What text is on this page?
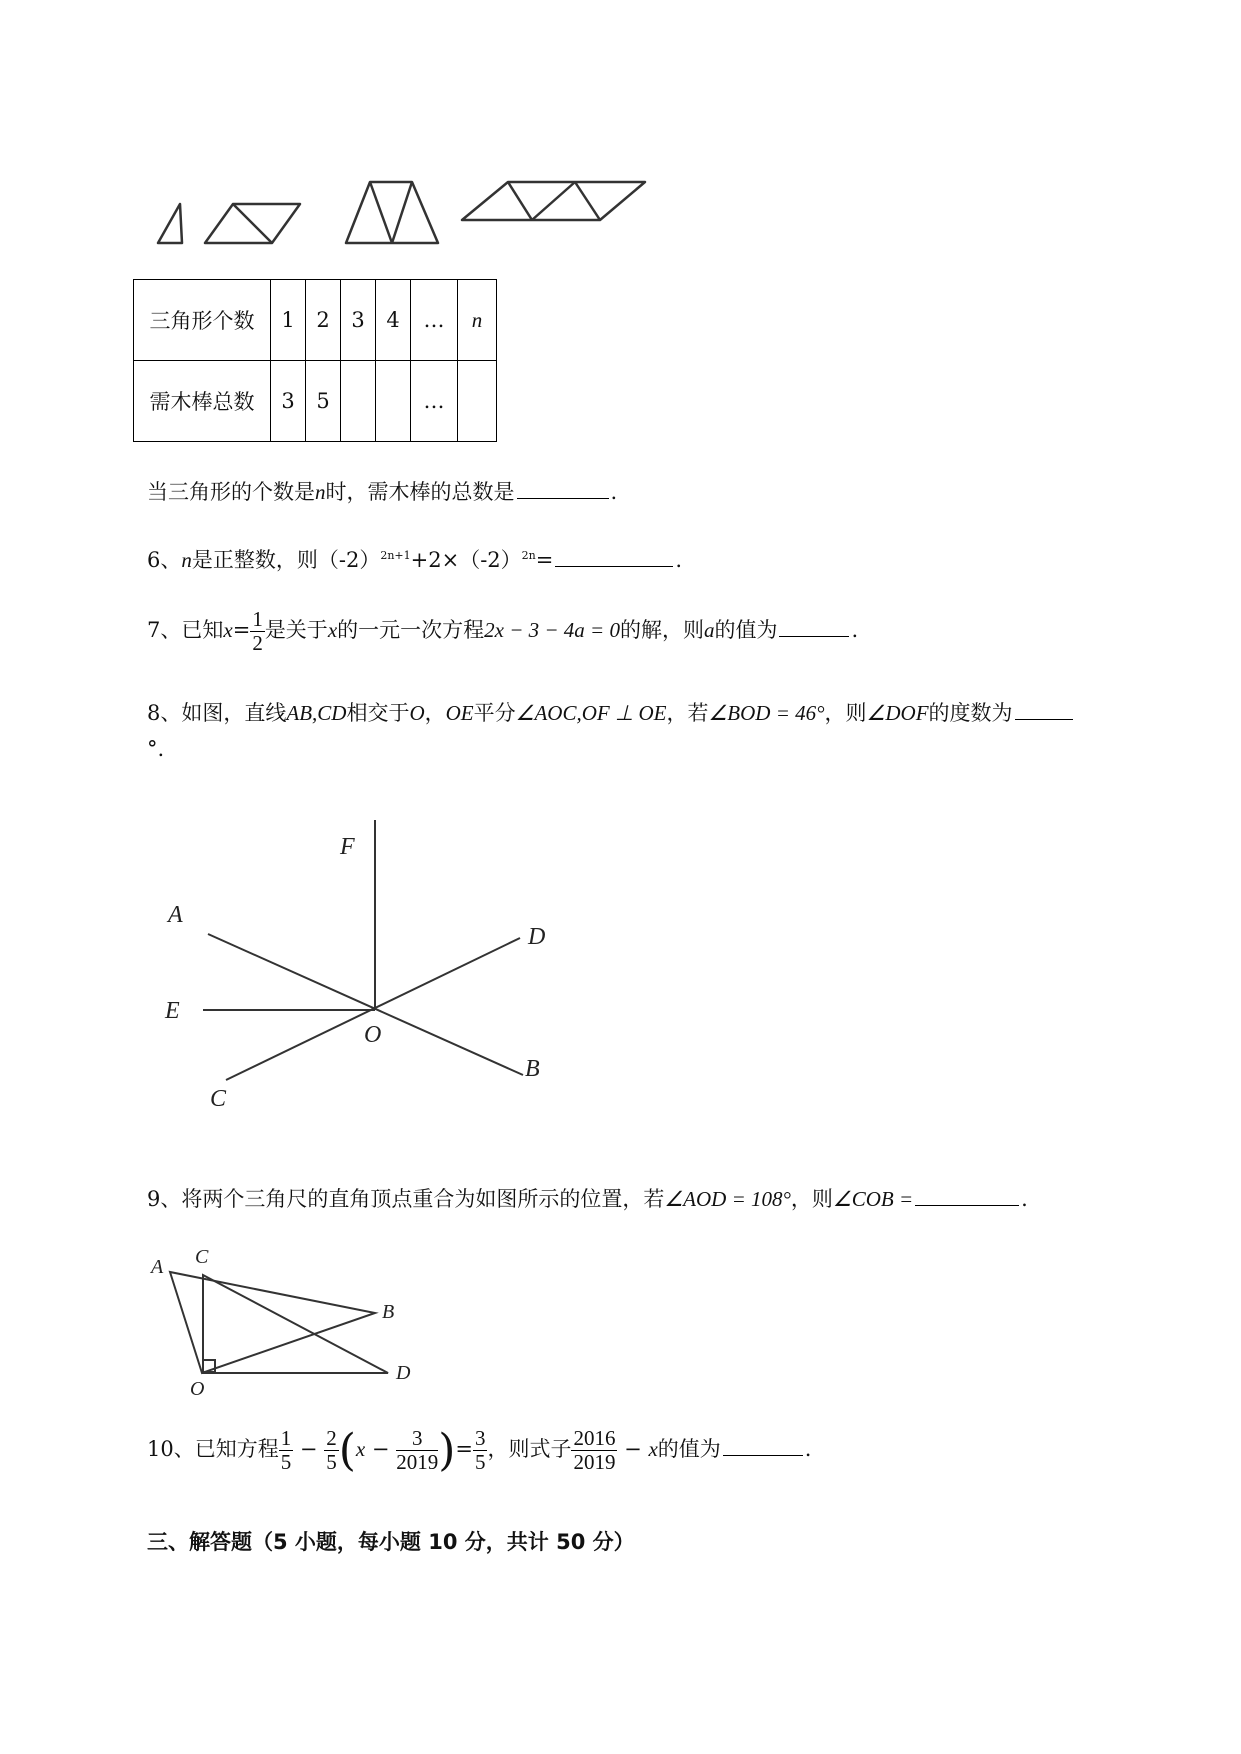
三角形个数	1	2	3	4	…	n
需木棒总数	3	5			…	
当三角形的个数是n时，需木棒的总数是	.
6、n是正整数，则$(-2)^{2n+1}+2\times(-2)^{2n}=$	.
7、已知$x= \frac{1}{2}$ 是关于x的一元一次方程2x − 3 − 4a = 0的解，则a的值为	.
8、如图，直线AB,CD相交于O，OE平分∠AOC,OF ⊥ OE，若∠BOD = 46°，则∠DOF的度数为
°.
F
A
D
E
O
B
C
9、将两个三角尺的直角顶点重合为如图所示的位置，若∠AOD = 108°，则∠COB =	.
A C
B
O
D
10、已知方程 $\frac{1}{5} - \frac{2}{5} (x - \frac{3}{2019}$ )= $\frac{3}{5}$ ，则式子 $\frac{2016}{2019} - x$的值为	.
三、解答题（5 小题，每小题 10 分，共计 50 分）
